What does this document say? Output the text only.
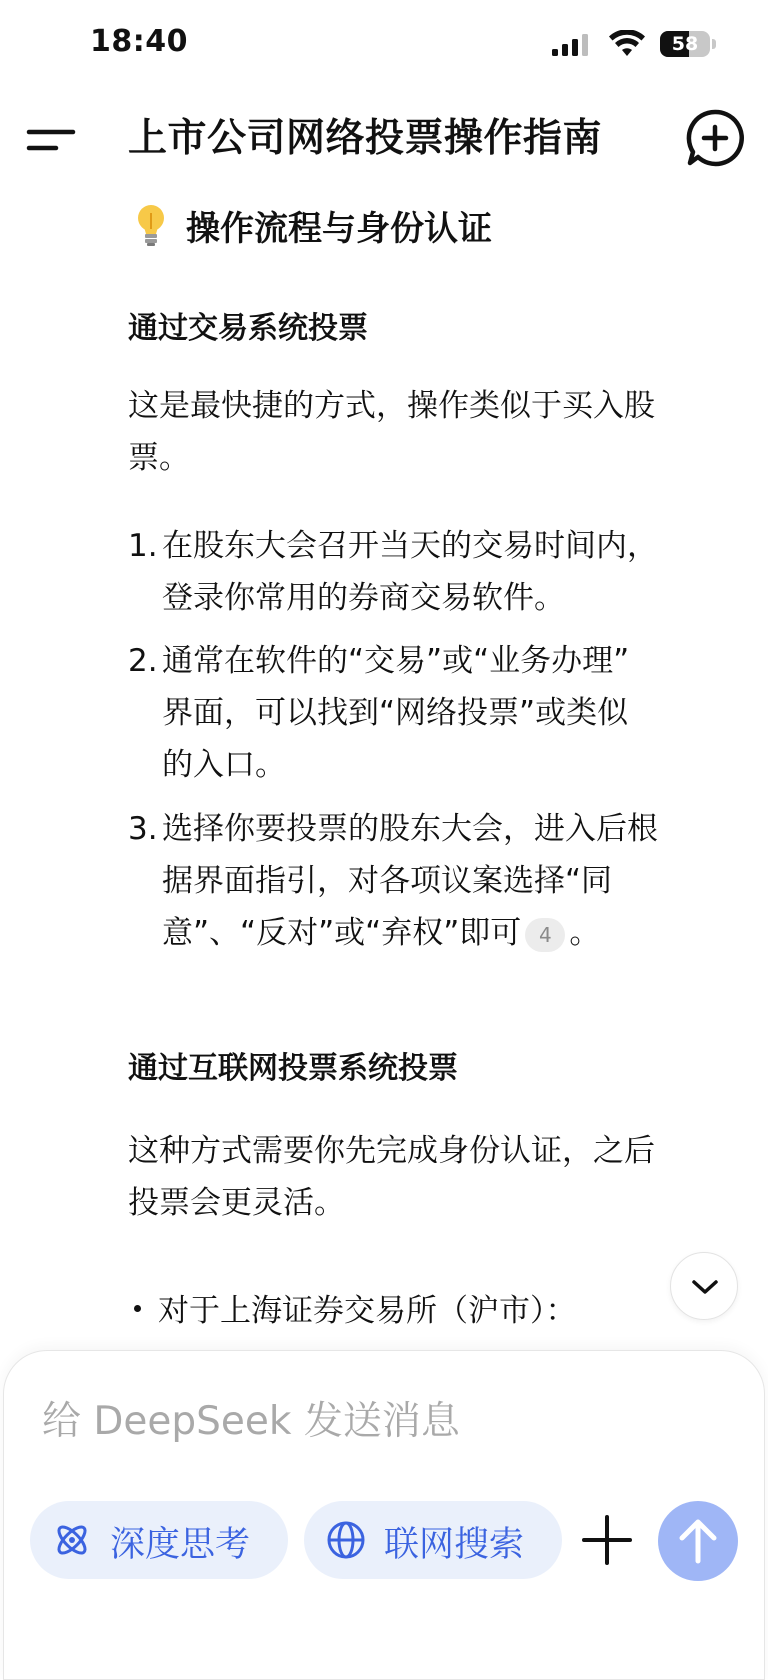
18:40	58
上市公司网络投票操作指南
操作流程与身份认证
通过交易系统投票
这是最快捷的方式，操作类似于买入股
票。
1. 在股东大会召开当天的交易时间内，
登录你常用的券商交易软件。
2. 通常在软件的“交易”或“业务办理”
界面，可以找到“网络投票”或类似
的入口。
3. 选择你要投票的股东大会，进入后根
据界面指引，对各项议案选择“同
意”、“反对”或“弃权”即可 4 。
通过互联网投票系统投票
这种方式需要你先完成身份认证，之后
投票会更灵活。
对于上海证券交易所（沪市）：
给 DeepSeek 发送消息
深度思考	联网搜索
